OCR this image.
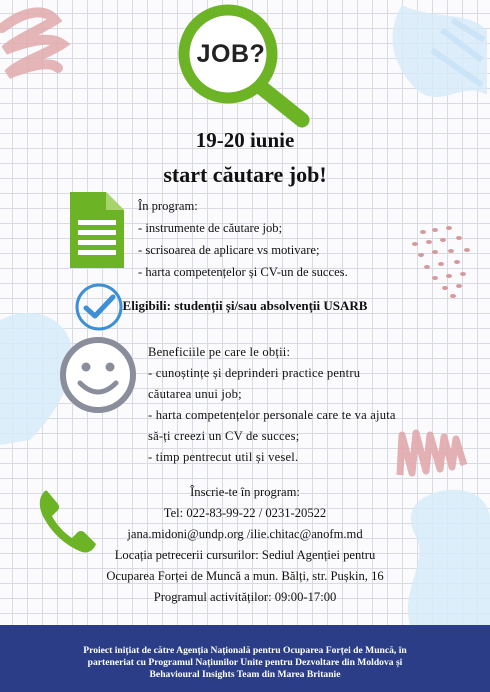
JOB?
19-20 iunie
start căutare job!
În program:
- instrumente de căutare job;
- scrisoarea de aplicare vs motivare;
- harta competențelor și CV-un de succes.
Eligibili: studenții și/sau absolvenții USARB
Beneficiile pe care le obții:
- cunoștințe și deprinderi practice pentru
căutarea unui job;
- harta competențelor personale care te va ajuta
să-ți creezi un CV de succes;
- timp pentrecut util și vesel.
Înscrie-te în program:
Tel: 022-83-99-22 / 0231-20522
jana.midoni@undp.org /ilie.chitac@anofm.md
Locația petrecerii cursurilor: Sediul Agenției pentru
Ocuparea Forței de Muncă a mun. Bălți, str. Pușkin, 16
Programul activităților: 09:00-17:00
Proiect inițiat de către Agenția Națională pentru Ocuparea Forței de Muncă, în
parteneriat cu Programul Națiunilor Unite pentru Dezvoltare din Moldova și
Behavioural Insights Team din Marea Britanie
